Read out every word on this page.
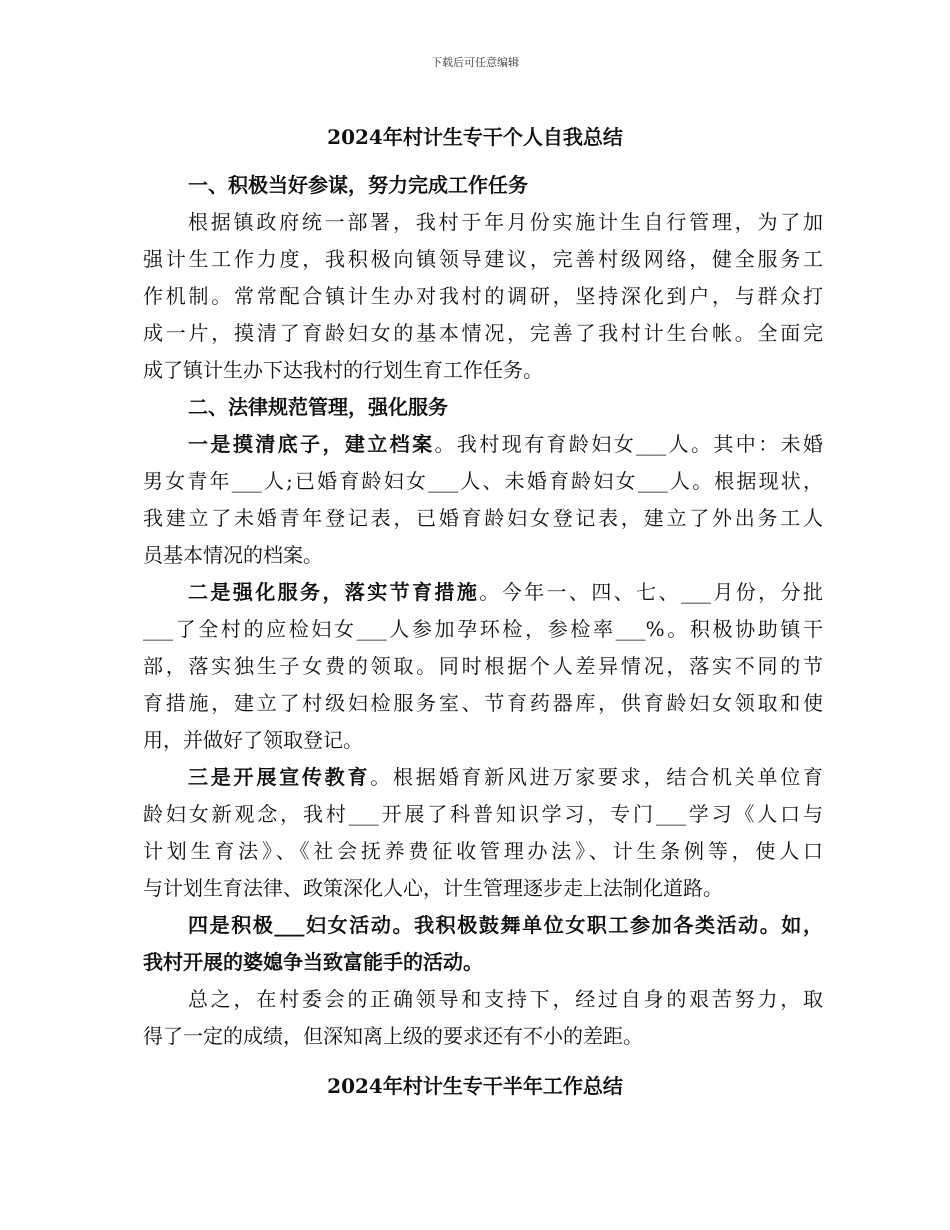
下载后可任意编辑
2024年村计生专干个人自我总结
一、积极当好参谋，努力完成工作任务
根据镇政府统一部署，我村于年月份实施计生自行管理，为了加
强计生工作力度，我积极向镇领导建议，完善村级网络，健全服务工
作机制。常常配合镇计生办对我村的调研，坚持深化到户，与群众打
成一片，摸清了育龄妇女的基本情况，完善了我村计生台帐。全面完
成了镇计生办下达我村的行划生育工作任务。
二、法律规范管理，强化服务
一是摸清底子，建立档案。我村现有育龄妇女___人。其中：未婚
男女青年___人;已婚育龄妇女___人、未婚育龄妇女___人。根据现状，
我建立了未婚青年登记表，已婚育龄妇女登记表，建立了外出务工人
员基本情况的档案。
二是强化服务，落实节育措施。今年一、四、七、___月份，分批
___了全村的应检妇女___人参加孕环检，参检率___%。积极协助镇干
部，落实独生子女费的领取。同时根据个人差异情况，落实不同的节
育措施，建立了村级妇检服务室、节育药器库，供育龄妇女领取和使
用，并做好了领取登记。
三是开展宣传教育。根据婚育新风进万家要求，结合机关单位育
龄妇女新观念，我村___开展了科普知识学习，专门___学习《人口与
计划生育法》、《社会抚养费征收管理办法》、计生条例等，使人口
与计划生育法律、政策深化人心，计生管理逐步走上法制化道路。
四是积极___妇女活动。我积极鼓舞单位女职工参加各类活动。如，
我村开展的婆媳争当致富能手的活动。
总之，在村委会的正确领导和支持下，经过自身的艰苦努力，取
得了一定的成绩，但深知离上级的要求还有不小的差距。
2024年村计生专干半年工作总结
